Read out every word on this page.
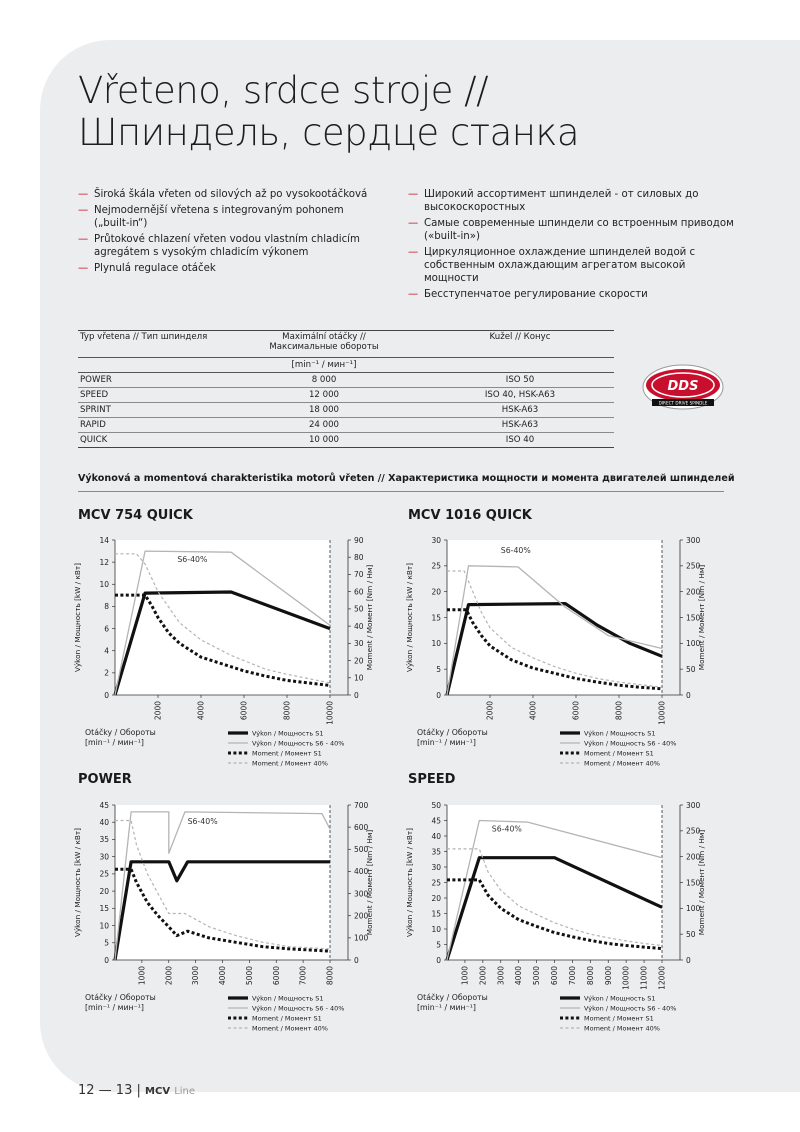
Vřeteno, srdce stroje //
Шпиндель, сердце станка
— Široká škála vřeten od silových až po vysokootáčková
— Nejmodernější vřetena s integrovaným pohonem („built-in“)
— Průtokové chlazení vřeten vodou vlastním chladicím agregátem s vysokým chladicím výkonem
— Plynulá regulace otáček
— Широкий ассортимент шпинделей - от силовых до высокоскоростных
— Самые современные шпиндели со встроенным приводом («built-in»)
— Циркуляционное охлаждение шпинделей водой с собственным охлаждающим агрегатом высокой мощности
— Бесступенчатое регулирование скорости
Typ vřetena // Тип шпинделя	Maximální otáčky //
Максимальные обороты	Kužel // Конус
	[min⁻¹ / мин⁻¹]	
POWER	8 000	ISO 50
SPEED	12 000	ISO 40, HSK-A63
SPRINT	18 000	HSK-A63
RAPID	24 000	HSK-A63
QUICK	10 000	ISO 40
DDS
DIRECT DRIVE SPINDLE
Výkonová a momentová charakteristika motorů vřeten // Характеристика мощности и момента двигателей шпинделей
MCV 754 QUICK
0
2
4
6
8
10
12
14
0
10
20
30
40
50
60
70
80
90
2000	4000	6000	8000	10000
Výkon / Мощность [kW / кВт]	Moment / Момент [Nm / Нм]
S6-40%
Otáčky / Обороты
[min⁻¹ / мин⁻¹]
Výkon / Мощность S1
Výkon / Мощность S6 - 40%
Moment / Момент S1
Moment / Момент 40%
MCV 1016 QUICK
0
5
10
15
20
25
30
0
50
100
150
200
250
300
2000	4000	6000	8000	10000
Výkon / Мощность [kW / кВт]	Moment / Момент [Nm / Нм]
S6-40%
Otáčky / Обороты
[min⁻¹ / мин⁻¹]
Výkon / Мощность S1
Výkon / Мощность S6 - 40%
Moment / Момент S1
Moment / Момент 40%
POWER
0
5
10
15
20
25
30
35
40
45
0
100
200
300
400
500
600
700
1000 2000 3000 4000 5000 6000 7000 8000
Výkon / Мощность [kW / кВт]	Moment / Момент [Nm / Нм]
S6-40%
Otáčky / Обороты
[min⁻¹ / мин⁻¹]
Výkon / Мощность S1
Výkon / Мощность S6 - 40%
Moment / Момент S1
Moment / Момент 40%
SPEED
0
5
10
15
20
25
30
35
40
45
50
0
50
100
150
200
250
300
1000 2000 3000 4000 5000 6000 7000 8000 9000 10000 11000 12000
Výkon / Мощность [kW / кВт]	Moment / Момент [Nm / Нм]
S6-40%
Otáčky / Обороты
[min⁻¹ / мин⁻¹]
Výkon / Мощность S1
Výkon / Мощность S6 - 40%
Moment / Момент S1
Moment / Момент 40%
12 — 13 | MCV Line
